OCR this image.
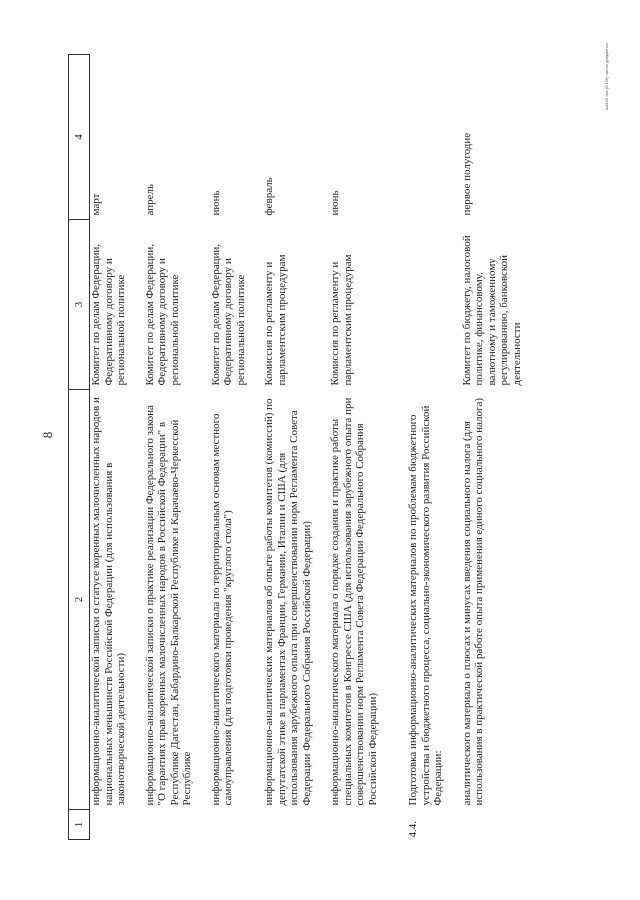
8
1	2	3	4
	информационно-аналитической записки о статусе коренных малочисленных народов и национальных меньшинств Российской Федерации (для использования в законотворческой деятельности)	Комитет по делам Федерации, Федеративному договору и региональной политике	март
	информационно-аналитической записки о практике реализации Федерального закона "О гарантиях прав коренных малочисленных народов в Российской Федерации" в Республике Дагестан, Кабардино-Балкарской Республике и Карачаево-Черкесской Республике	Комитет по делам Федерации, Федеративному договору и региональной политике	апрель
	информационно-аналитического материала по территориальным основам местного самоуправления (для подготовки проведения "круглого стола")	Комитет по делам Федерации, Федеративному договору и региональной политике	июнь
	информационно-аналитических материалов об опыте работы комитетов (комиссий) по депутатской этике в парламентах Франции, Германии, Италии и США (для использования зарубежного опыта при совершенствовании норм Регламента Совета Федерации Федерального Собрания Российской Федерации)	Комиссия по регламенту и парламентским процедурам	февраль
	информационно-аналитического материала о порядке создания и практике работы специальных комитетов в Конгрессе США (для использования зарубежного опыта при совершенствовании норм Регламента Совета Федерации Федерального Собрания Российской Федерации)	Комиссия по регламенту и парламентским процедурам	июнь
4.4.	Подготовка информационно-аналитических материалов по проблемам бюджетного устройства и бюджетного процесса, социально-экономического развития Российской Федерации:		
	аналитического материала о плюсах и минусах введения социального налога (для использования в практической работе опыта применения единого социального налога)	Комитет по бюджету, налоговой политике, финансовому, валютному и таможенному регулированию, банковской деятельности	первое полугодие
ua/126 doc (0.126) листы документа
